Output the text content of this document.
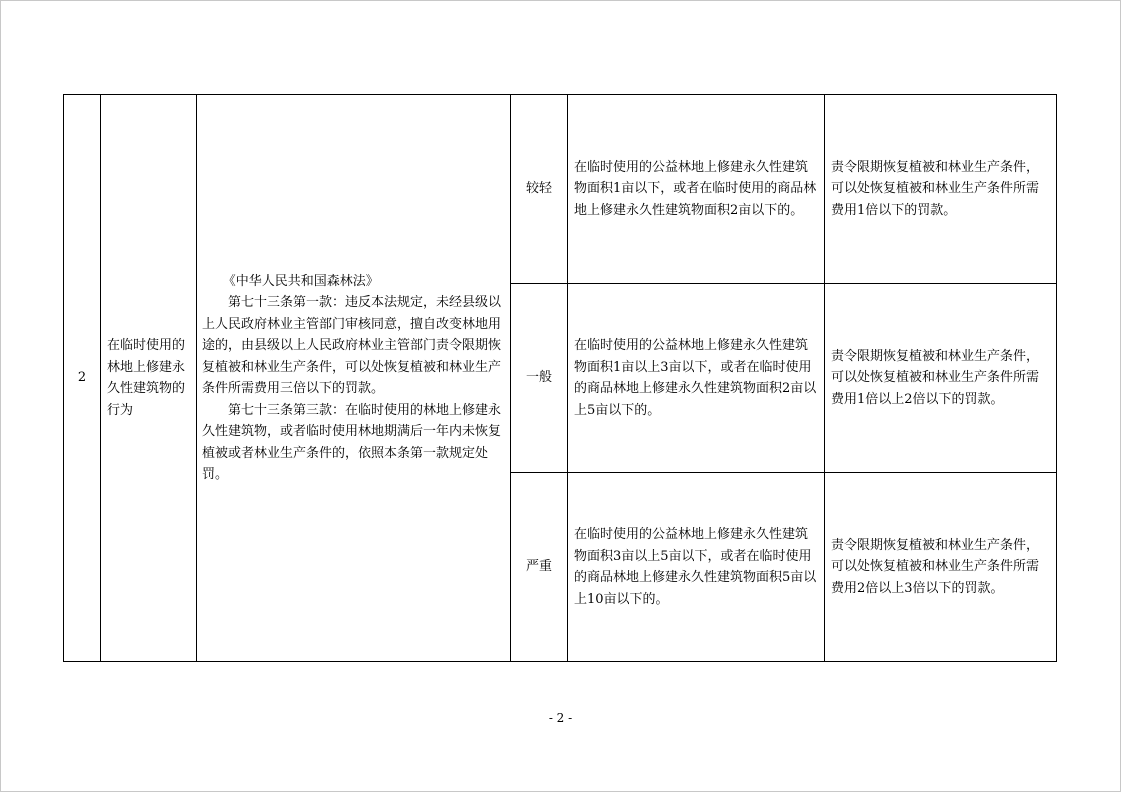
2	在临时使用的林地上修建永久性建筑物的行为	《中华人民共和国森林法》
第七十三条第一款：违反本法规定，未经县级以上人民政府林业主管部门审核同意，擅自改变林地用途的，由县级以上人民政府林业主管部门责令限期恢复植被和林业生产条件，可以处恢复植被和林业生产条件所需费用三倍以下的罚款。
第七十三条第三款：在临时使用的林地上修建永久性建筑物，或者临时使用林地期满后一年内未恢复植被或者林业生产条件的，依照本条第一款规定处罚。	较轻	在临时使用的公益林地上修建永久性建筑物面积1亩以下，或者在临时使用的商品林地上修建永久性建筑物面积2亩以下的。	责令限期恢复植被和林业生产条件，可以处恢复植被和林业生产条件所需费用1倍以下的罚款。
			一般	在临时使用的公益林地上修建永久性建筑物面积1亩以上3亩以下，或者在临时使用的商品林地上修建永久性建筑物面积2亩以上5亩以下的。	责令限期恢复植被和林业生产条件，可以处恢复植被和林业生产条件所需费用1倍以上2倍以下的罚款。
			严重	在临时使用的公益林地上修建永久性建筑物面积3亩以上5亩以下，或者在临时使用的商品林地上修建永久性建筑物面积5亩以上10亩以下的。	责令限期恢复植被和林业生产条件，可以处恢复植被和林业生产条件所需费用2倍以上3倍以下的罚款。
- 2 -
